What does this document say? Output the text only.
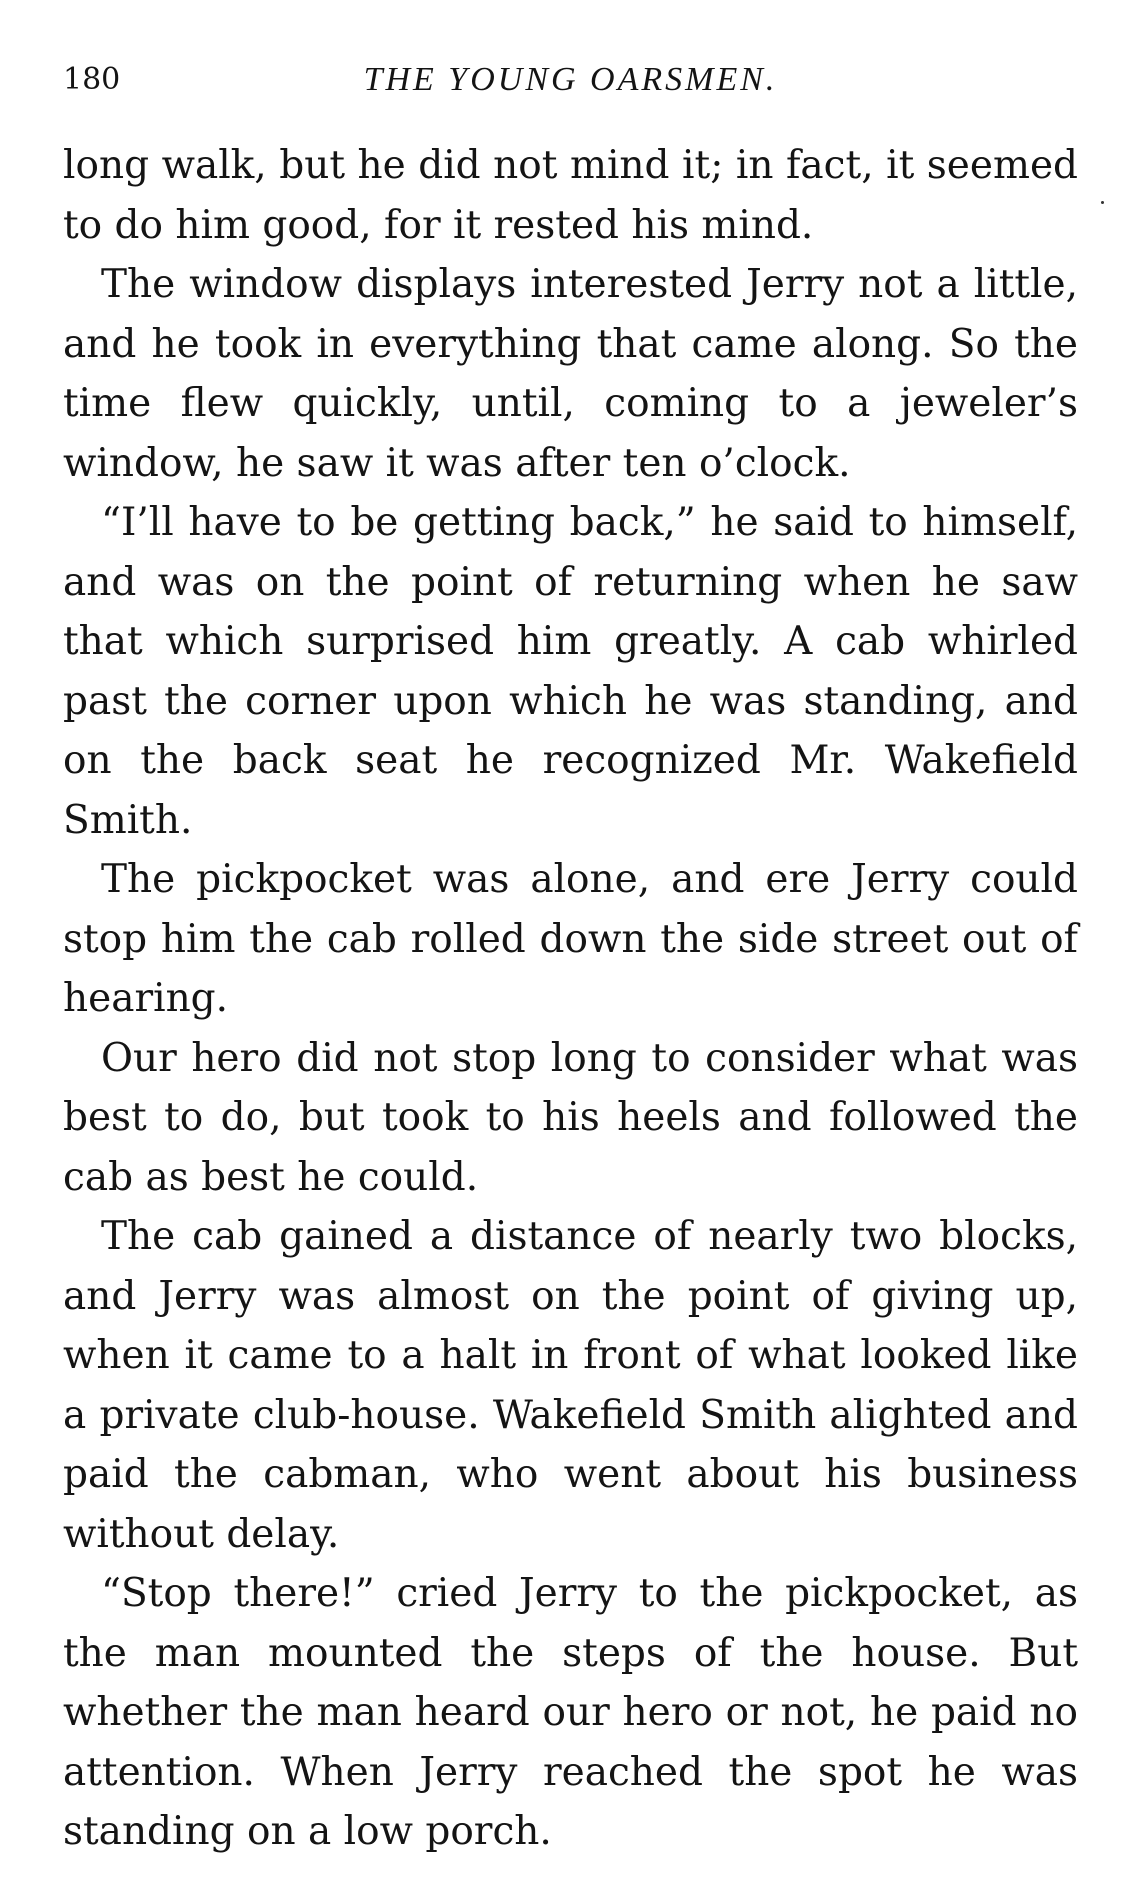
180	THE YOUNG OARSMEN.

long walk, but he did not mind it; in fact, it seemed to do him good, for it rested his mind.

The window displays interested Jerry not a little, and he took in everything that came along. So the time flew quickly, until, coming to a jeweler’s window, he saw it was after ten o’clock.

“I’ll have to be getting back,” he said to himself, and was on the point of returning when he saw that which surprised him greatly. A cab whirled past the corner upon which he was standing, and on the back seat he recognized Mr. Wakefield Smith.

The pickpocket was alone, and ere Jerry could stop him the cab rolled down the side street out of hearing.

Our hero did not stop long to consider what was best to do, but took to his heels and followed the cab as best he could.

The cab gained a distance of nearly two blocks, and Jerry was almost on the point of giving up, when it came to a halt in front of what looked like a private club-house. Wakefield Smith alighted and paid the cabman, who went about his business without delay.

“Stop there!” cried Jerry to the pickpocket, as the man mounted the steps of the house. But whether the man heard our hero or not, he paid no attention. When Jerry reached the spot he was standing on a low porch.
